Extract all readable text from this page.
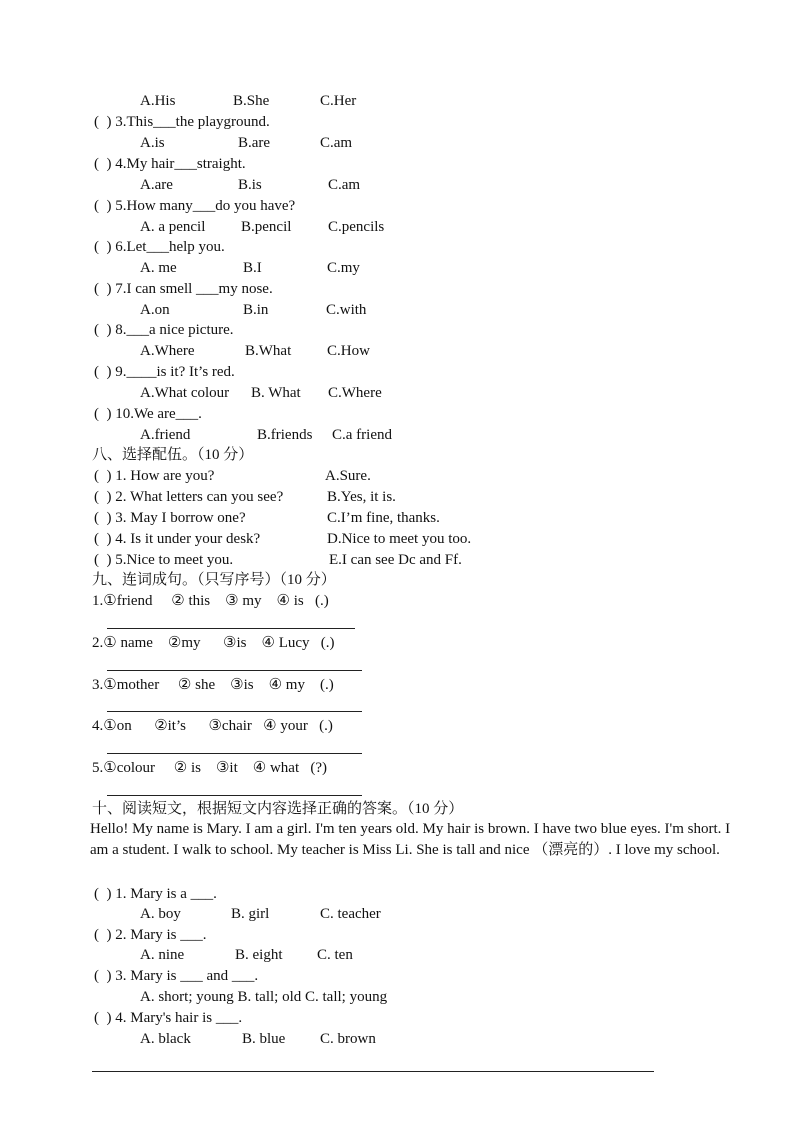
A.His	B.She	C.Her
(  ) 3.This___the playground.
A.is	B.are	C.am
(  ) 4.My hair___straight.
A.are	B.is	C.am
(  ) 5.How many___do you have?
A. a pencil B.pencil C.pencils
(  ) 6.Let___help you.
A. me	B.I	C.my
(  ) 7.I can smell ___my nose.
A.on	B.in	C.with
(  ) 8.___a nice picture.
A.Where	B.What C.How
(  ) 9.____is it? It’s red.
A.What colour B. What C.Where
(  ) 10.We are___.
A.friend	B.friends C.a friend
八、选择配伍。（10 分）
(  ) 1. How are you?	A.Sure.
(  ) 2. What letters can you see?	B.Yes, it is.
(  ) 3. May I borrow one?	C.I’m fine, thanks.
(  ) 4. Is it under your desk?	D.Nice to meet you too.
(  ) 5.Nice to meet you.	E.I can see Dc and Ff.
九、连词成句。（只写序号）（10 分）
1.①friend     ② this    ③ my    ④ is   (.)
2.① name    ②my      ③is    ④ Lucy   (.)
3.①mother     ② she    ③is    ④ my    (.)
4.①on      ②it’s      ③chair   ④ your   (.)
5.①colour     ② is    ③it    ④ what   (?)
十、阅读短文，根据短文内容选择正确的答案。（10 分）
Hello! My name is Mary. I am a girl. I'm ten years old. My hair is brown. I have two blue eyes. I'm short. I am a student. I walk to school. My teacher is Miss Li. She is tall and nice （漂亮的）. I love my school.
(  ) 1. Mary is a ___.
A. boy	B. girl	C. teacher
(  ) 2. Mary is ___.
A. nine	B. eight C. ten
(  ) 3. Mary is ___ and ___.
A. short; young B. tall; old C. tall; young
(  ) 4. Mary's hair is ___.
A. black	B. blue C. brown
